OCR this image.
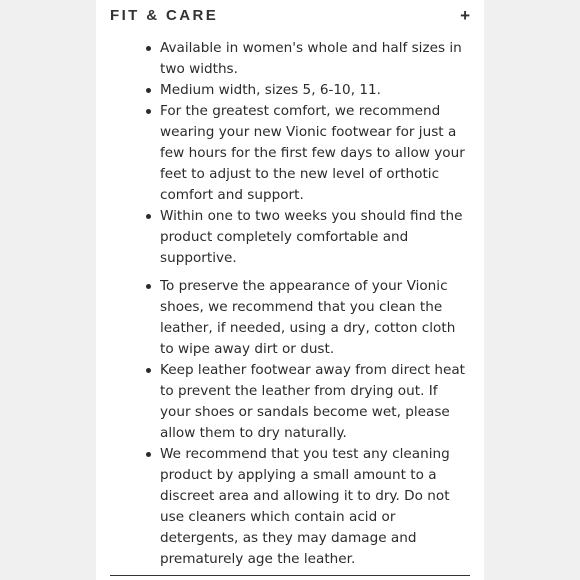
FIT & CARE	+
Available in women's whole and half sizes in two widths.
Medium width, sizes 5, 6-10, 11.
For the greatest comfort, we recommend wearing your new Vionic footwear for just a few hours for the first few days to allow your feet to adjust to the new level of orthotic comfort and support.
Within one to two weeks you should find the product completely comfortable and supportive.
To preserve the appearance of your Vionic shoes, we recommend that you clean the leather, if needed, using a dry, cotton cloth to wipe away dirt or dust.
Keep leather footwear away from direct heat to prevent the leather from drying out. If your shoes or sandals become wet, please allow them to dry naturally.
We recommend that you test any cleaning product by applying a small amount to a discreet area and allowing it to dry. Do not use cleaners which contain acid or detergents, as they may damage and prematurely age the leather.
